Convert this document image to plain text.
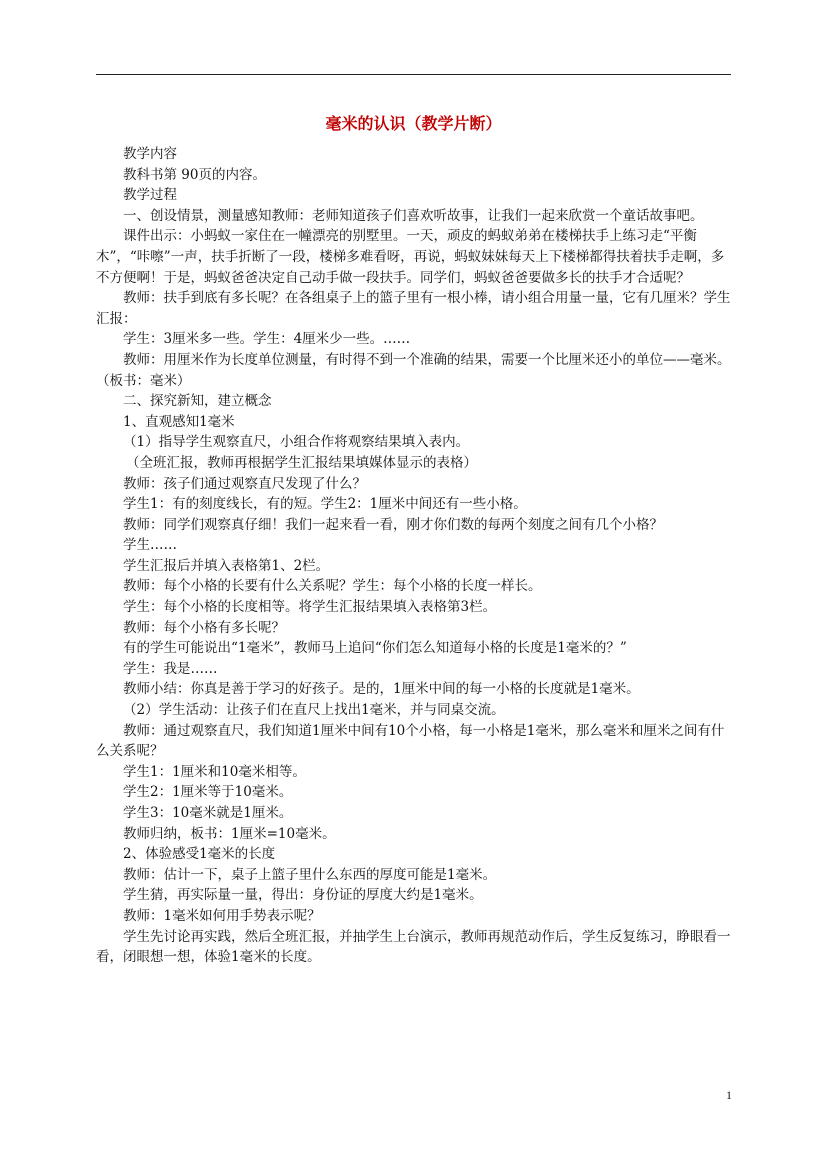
毫米的认识（教学片断）

教学内容

教科书第 90页的内容。

教学过程

一、创设情景，测量感知教师：老师知道孩子们喜欢听故事，让我们一起来欣赏一个童话故事吧。

课件出示：小蚂蚁一家住在一幢漂亮的别墅里。一天，顽皮的蚂蚁弟弟在楼梯扶手上练习走“平衡木”，“咔嚓”一声，扶手折断了一段，楼梯多难看呀，再说，蚂蚁妹妹每天上下楼梯都得扶着扶手走啊，多不方便啊！于是，蚂蚁爸爸决定自己动手做一段扶手。同学们，蚂蚁爸爸要做多长的扶手才合适呢？

教师：扶手到底有多长呢？在各组桌子上的篮子里有一根小棒，请小组合用量一量，它有几厘米？学生汇报：

学生：3厘米多一些。学生：4厘米少一些。……

教师：用厘米作为长度单位测量，有时得不到一个准确的结果，需要一个比厘米还小的单位——毫米。（板书：毫米）

二、探究新知，建立概念

1、直观感知1毫米

（1）指导学生观察直尺，小组合作将观察结果填入表内。

（全班汇报，教师再根据学生汇报结果填媒体显示的表格）

教师：孩子们通过观察直尺发现了什么？

学生1：有的刻度线长，有的短。学生2：1厘米中间还有一些小格。

教师：同学们观察真仔细！我们一起来看一看，刚才你们数的每两个刻度之间有几个小格？

学生……

学生汇报后并填入表格第1、2栏。

教师：每个小格的长要有什么关系呢？学生：每个小格的长度一样长。

学生：每个小格的长度相等。将学生汇报结果填入表格第3栏。

教师：每个小格有多长呢？

有的学生可能说出“1毫米”，教师马上追问“你们怎么知道每小格的长度是1毫米的？”

学生：我是……

教师小结：你真是善于学习的好孩子。是的，1厘米中间的每一小格的长度就是1毫米。

（2）学生活动：让孩子们在直尺上找出1毫米，并与同桌交流。

教师：通过观察直尺，我们知道1厘米中间有10个小格，每一小格是1毫米，那么毫米和厘米之间有什么关系呢？

学生1：1厘米和10毫米相等。

学生2：1厘米等于10毫米。

学生3：10毫米就是1厘米。

教师归纳，板书：1厘米=10毫米。

2、体验感受1毫米的长度

教师：估计一下，桌子上篮子里什么东西的厚度可能是1毫米。

学生猜，再实际量一量，得出：身份证的厚度大约是1毫米。

教师：1毫米如何用手势表示呢？

学生先讨论再实践，然后全班汇报，并抽学生上台演示，教师再规范动作后，学生反复练习，睁眼看一看，闭眼想一想，体验1毫米的长度。

1
